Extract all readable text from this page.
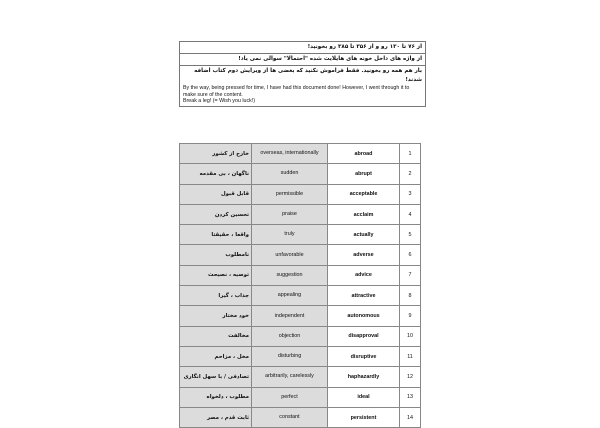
از ۷۶ تا ۱۳۰ رو و از ۳۵۶ تا ۳۸۵ رو بخونید!
از واژه های داخل خونه های هایلایت شده "احتمالا" سوالی نمی یاد!
بار هم همه رو بخونید. فقط فراموش نکنید که بعضی ها از ویرایش دوم کتاب اضافه شدند!
By the way, being pressed for time, I have had this document done! However, I went through it to make sure of the content.
Break a leg! (= Wish you luck!)
خارج از کشور	overseas, internationally	abroad	1
ناگهان ، بی مقدمه	sudden	abrupt	2
قابل قبول	permissible	acceptable	3
تحسین کردن	praise	acclaim	4
واقعا ، حقیقتا	truly	actually	5
نامطلوب	unfavorable	adverse	6
توصیه ، نصیحت	suggestion	advice	7
جذاب ، گیرا	appealing	attractive	8
خود مختار	independent	autonomous	9
مخالفت	objection	disapproval	10
مخل ، مزاحم	disturbing	disruptive	11
تصادفی / با سهل انگاری	arbitrarily, carelessly	haphazardly	12
مطلوب ، دلخواه	perfect	ideal	13
ثابت قدم ، مصر	constant	persistent	14
